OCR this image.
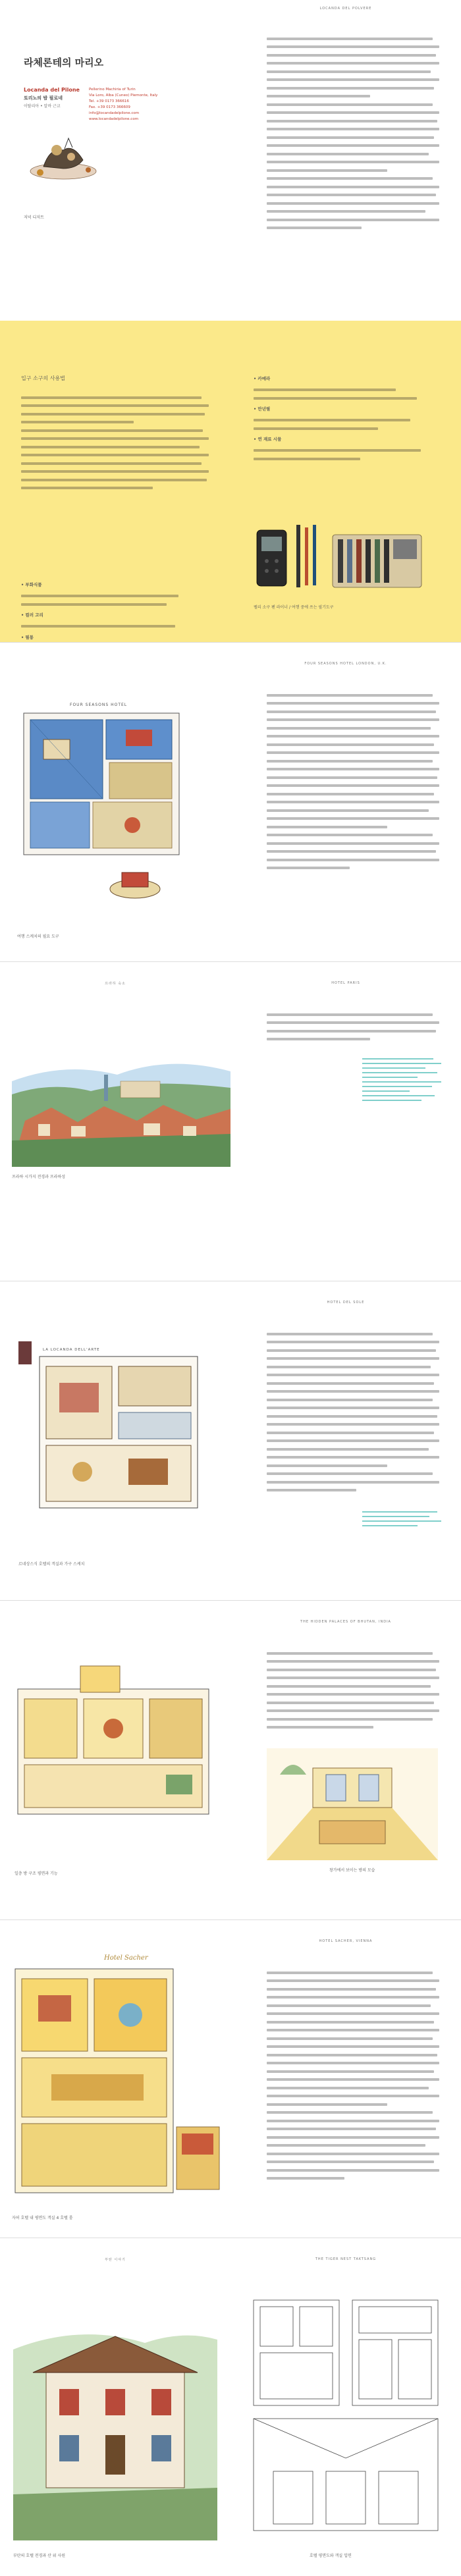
라체론테의 마리오
Locanda del Pilone
토리노의 밤 필로네
이탈리아 • 알바 근교
Pellerino Machiria of Turin
Via Loro, Alba (Cuneo) Piemonte, Italy
Tel. +39 0173 366616
Fax. +39 0173 366609
info@locandadelpilone.com
www.locandadelpilone.com
저녁 디저트
LOCANDA DEL POLVERE
입구 소구의 사용법
• 부화식품
• 컬러 고리
• 필통
• 카메라
• 만년필
• 연 재료 시물
펠리 소구 펜 라이너 / 여행 중에 쓰는 필기도구
FOUR SEASONS HOTEL
여행 스케치의 필요 도구
FOUR SEASONS HOTEL LONDON, U.K.
프라하 숙소
프라하 시가지 전경과 프라하성
HOTEL PARIS
LA LOCANDA DELL'ARTE
르네상스식 호텔의 객실과 가구 스케치
HOTEL DEL SOLE
일층 방 구조 평면과 기능
THE HIDDEN PALACES OF BHUTAN, INDIA
창가에서 보이는 방의 모습
Hotel Sacher
자허 호텔 내 평면도 객실 4 호텔 룸
HOTEL SACHER, VIENNA
부탄 이야기
부탄의 호텔 전경과 산 위 사원
THE TIGER NEST TAKTSANG
호텔 평면도와 객실 입면
